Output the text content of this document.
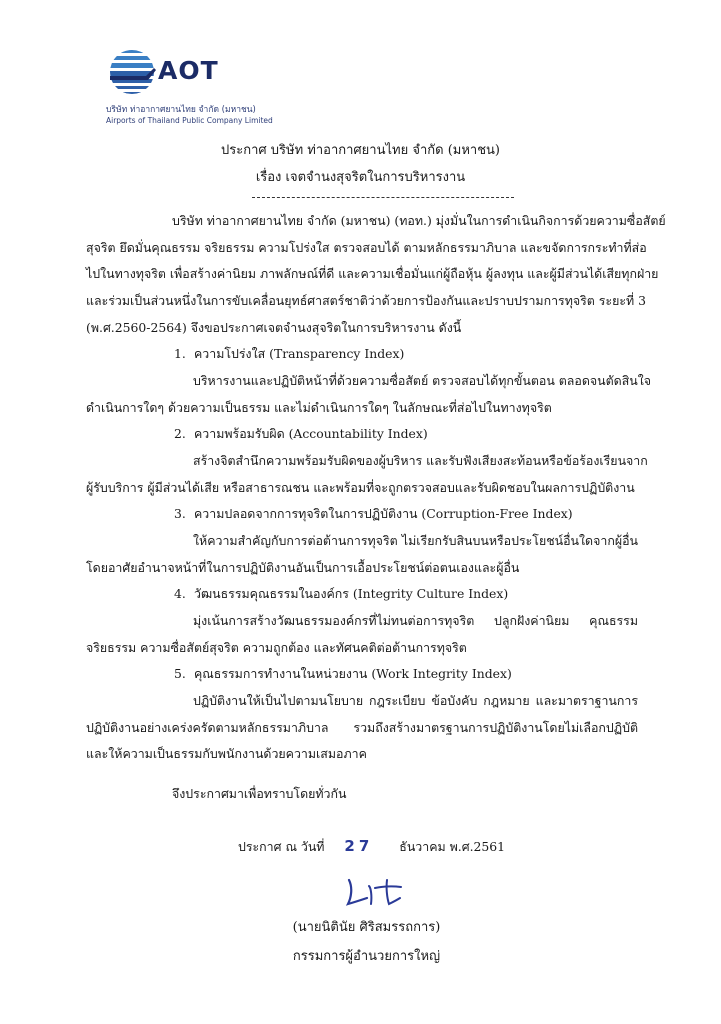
AOT
บริษัท ท่าอากาศยานไทย จำกัด (มหาชน)
Airports of Thailand Public Company Limited
ประกาศ บริษัท ท่าอากาศยานไทย จำกัด (มหาชน)
เรื่อง เจตจำนงสุจริตในการบริหารงาน
บริษัท ท่าอากาศยานไทย จำกัด (มหาชน) (ทอท.) มุ่งมั่นในการดำเนินกิจการด้วยความซื่อสัตย์
สุจริต ยึดมั่นคุณธรรม จริยธรรม ความโปร่งใส ตรวจสอบได้ ตามหลักธรรมาภิบาล และขจัดการกระทำที่ส่อ
ไปในทางทุจริต เพื่อสร้างค่านิยม ภาพลักษณ์ที่ดี และความเชื่อมั่นแก่ผู้ถือหุ้น ผู้ลงทุน และผู้มีส่วนได้เสียทุกฝ่าย
และร่วมเป็นส่วนหนึ่งในการขับเคลื่อนยุทธ์ศาสตร์ชาติว่าด้วยการป้องกันและปราบปรามการทุจริต ระยะที่ 3
(พ.ศ.2560-2564) จึงขอประกาศเจตจำนงสุจริตในการบริหารงาน ดังนี้
1. ความโปร่งใส (Transparency Index)
บริหารงานและปฏิบัติหน้าที่ด้วยความซื่อสัตย์ ตรวจสอบได้ทุกขั้นตอน ตลอดจนตัดสินใจ
ดำเนินการใดๆ ด้วยความเป็นธรรม และไม่ดำเนินการใดๆ ในลักษณะที่ส่อไปในทางทุจริต
2. ความพร้อมรับผิด (Accountability Index)
สร้างจิตสำนึกความพร้อมรับผิดของผู้บริหาร และรับฟังเสียงสะท้อนหรือข้อร้องเรียนจาก
ผู้รับบริการ ผู้มีส่วนได้เสีย หรือสาธารณชน และพร้อมที่จะถูกตรวจสอบและรับผิดชอบในผลการปฏิบัติงาน
3. ความปลอดจากการทุจริตในการปฏิบัติงาน (Corruption-Free Index)
ให้ความสำคัญกับการต่อต้านการทุจริต ไม่เรียกรับสินบนหรือประโยชน์อื่นใดจากผู้อื่น
โดยอาศัยอำนาจหน้าที่ในการปฏิบัติงานอันเป็นการเอื้อประโยชน์ต่อตนเองและผู้อื่น
4. วัฒนธรรมคุณธรรมในองค์กร (Integrity Culture Index)
มุ่งเน้นการสร้างวัฒนธรรมองค์กรที่ไม่ทนต่อการทุจริต ปลูกฝังค่านิยม คุณธรรม
จริยธรรม ความซื่อสัตย์สุจริต ความถูกต้อง และทัศนคติต่อต้านการทุจริต
5. คุณธรรมการทำงานในหน่วยงาน (Work Integrity Index)
ปฏิบัติงานให้เป็นไปตามนโยบาย กฎระเบียบ ข้อบังคับ กฎหมาย และมาตราฐานการ
ปฏิบัติงานอย่างเคร่งครัดตามหลักธรรมาภิบาล รวมถึงสร้างมาตรฐานการปฏิบัติงานโดยไม่เลือกปฏิบัติ
และให้ความเป็นธรรมกับพนักงานด้วยความเสมอภาค
จึงประกาศมาเพื่อทราบโดยทั่วกัน
ประกาศ ณ วันที่ 27 ธันวาคม พ.ศ.2561
(นายนิตินัย ศิริสมรรถการ)
กรรมการผู้อำนวยการใหญ่
